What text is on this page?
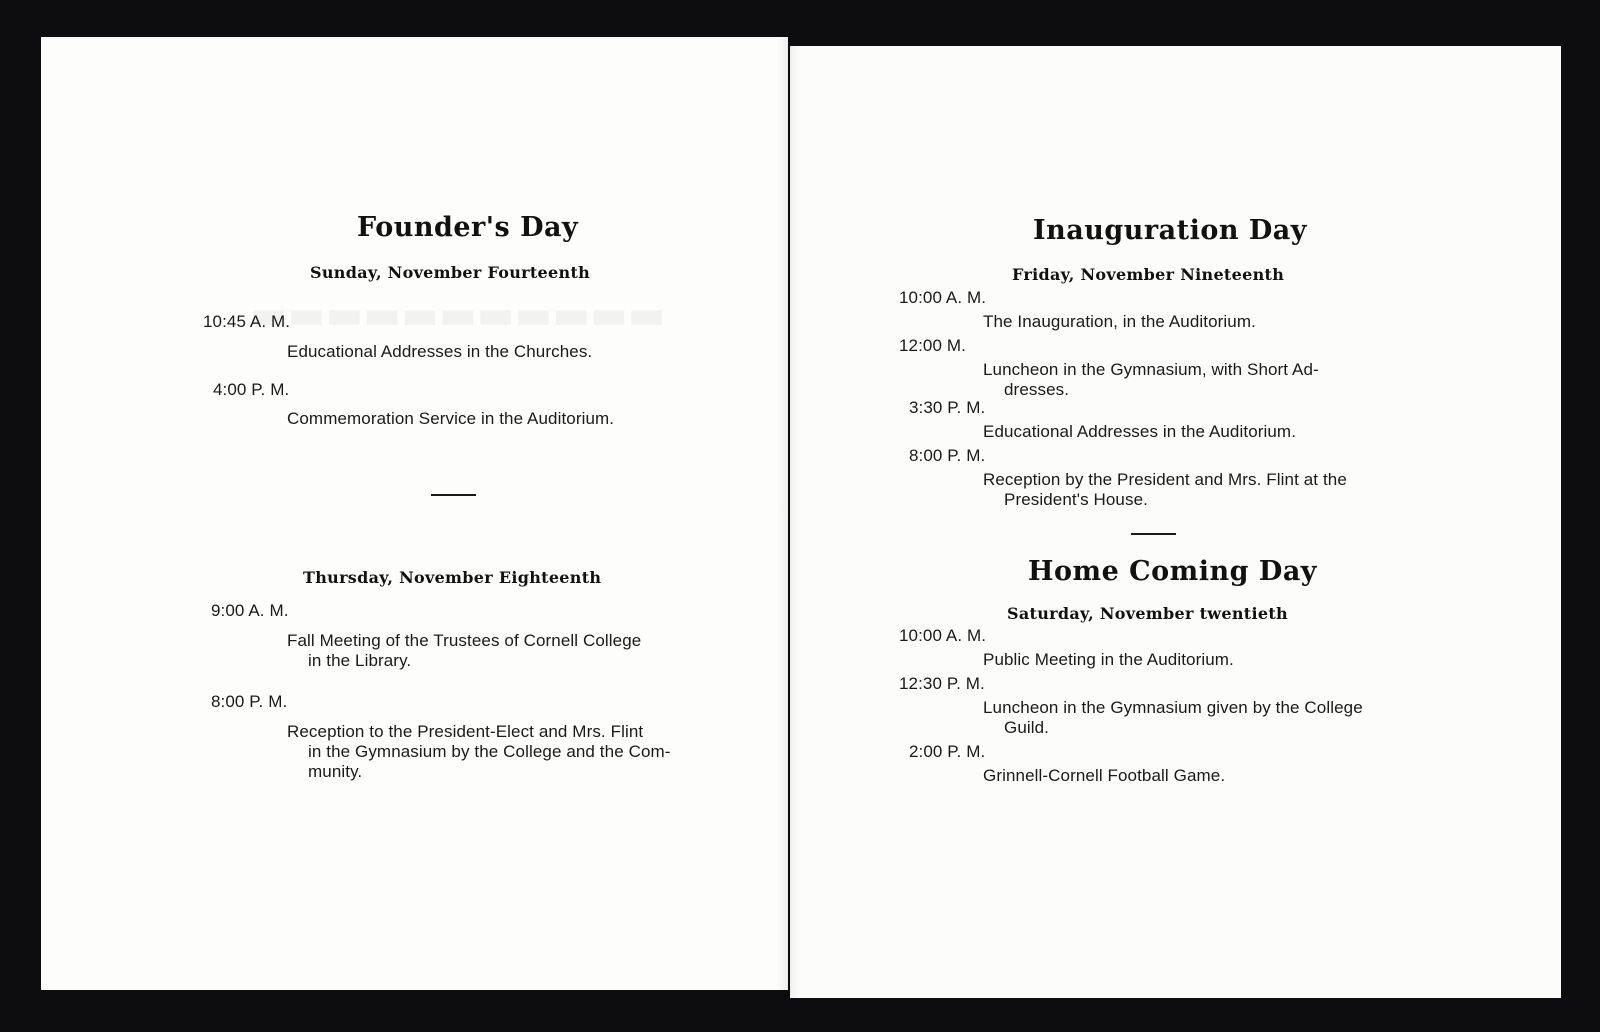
Founder's Day
Sunday, November Fourteenth
10:45 A. M.
Educational Addresses in the Churches.
4:00 P. M.
Commemoration Service in the Auditorium.
Thursday, November Eighteenth
9:00 A. M.
Fall Meeting of the Trustees of Cornell College
in the Library.
8:00 P. M.
Reception to the President-Elect and Mrs. Flint
in the Gymnasium by the College and the Com-
munity.
Inauguration Day
Friday, November Nineteenth
10:00 A. M.
The Inauguration, in the Auditorium.
12:00 M.
Luncheon in the Gymnasium, with Short Ad-
dresses.
3:30 P. M.
Educational Addresses in the Auditorium.
8:00 P. M.
Reception by the President and Mrs. Flint at the
President's House.
Home Coming Day
Saturday, November twentieth
10:00 A. M.
Public Meeting in the Auditorium.
12:30 P. M.
Luncheon in the Gymnasium given by the College
Guild.
2:00 P. M.
Grinnell-Cornell Football Game.
